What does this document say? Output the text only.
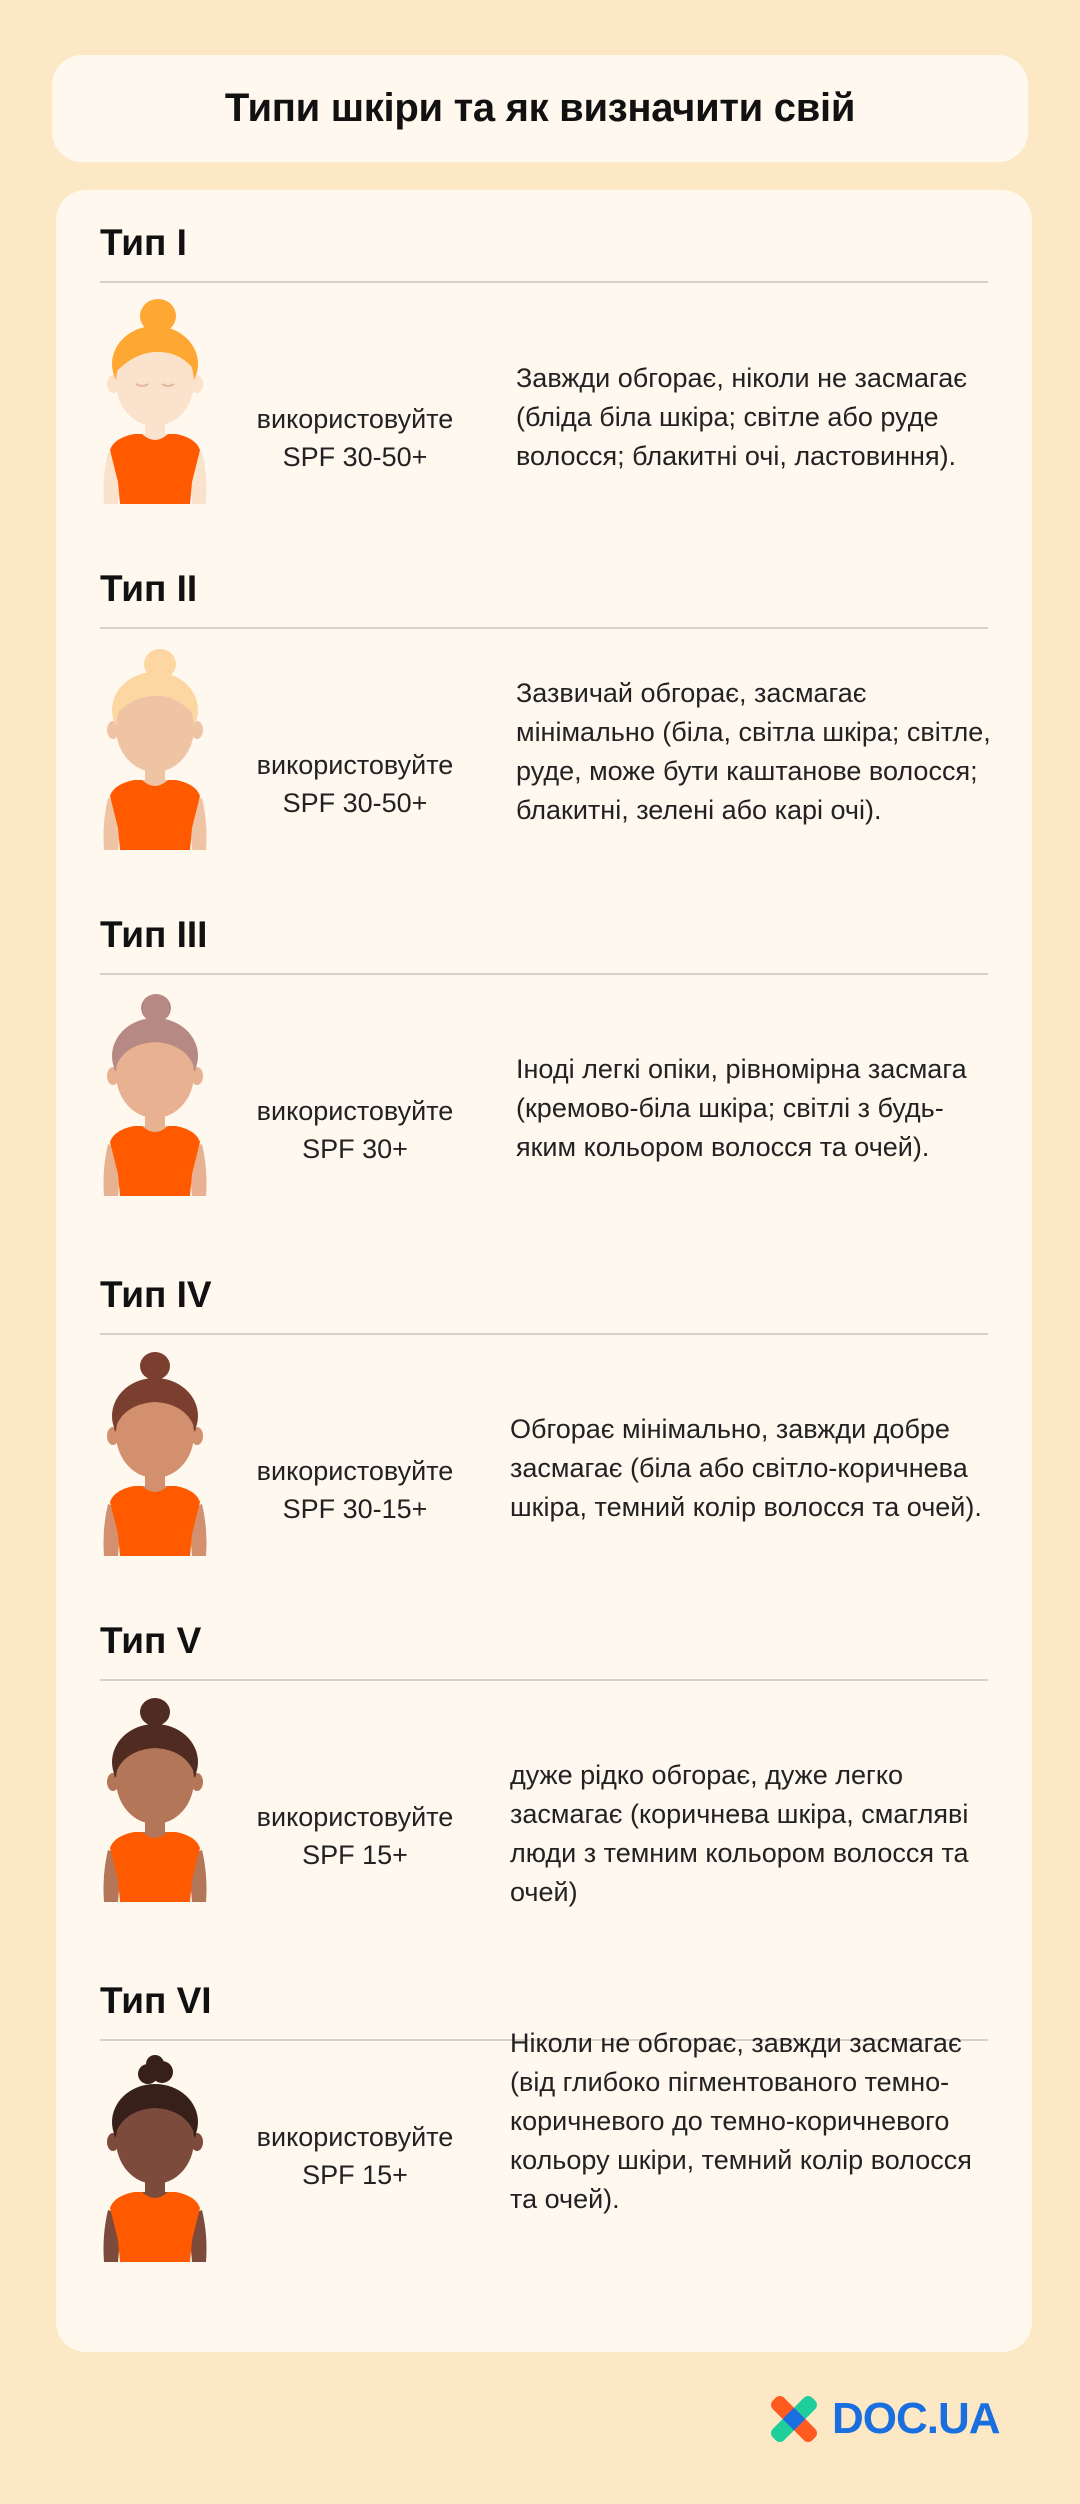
Типи шкіри та як визначити свій
Тип I
використовуйте
SPF 30-50+
Завжди обгорає, ніколи не засмагає (бліда біла шкіра; світле або руде волосся; блакитні очі, ластовиння).
Тип II
використовуйте
SPF 30-50+
Зазвичай обгорає, засмагає мінімально (біла, світла шкіра; світле, руде, може бути каштанове волосся; блакитні, зелені або карі очі).
Тип III
використовуйте
SPF 30+
Іноді легкі опіки, рівномірна засмага (кремово-біла шкіра; світлі з будь-яким кольором волосся та очей).
Тип IV
використовуйте
SPF 30-15+
Обгорає мінімально, завжди добре засмагає (біла або світло-коричнева шкіра, темний колір волосся та очей).
Тип V
використовуйте
SPF 15+
дуже рідко обгорає, дуже легко засмагає (коричнева шкіра, смагляві люди з темним кольором волосся та очей)
Тип VI
використовуйте
SPF 15+
Ніколи не обгорає, завжди засмагає (від глибоко пігментованого темно-коричневого до темно-коричневого кольору шкіри, темний колір волосся та очей).
DOC.UA
